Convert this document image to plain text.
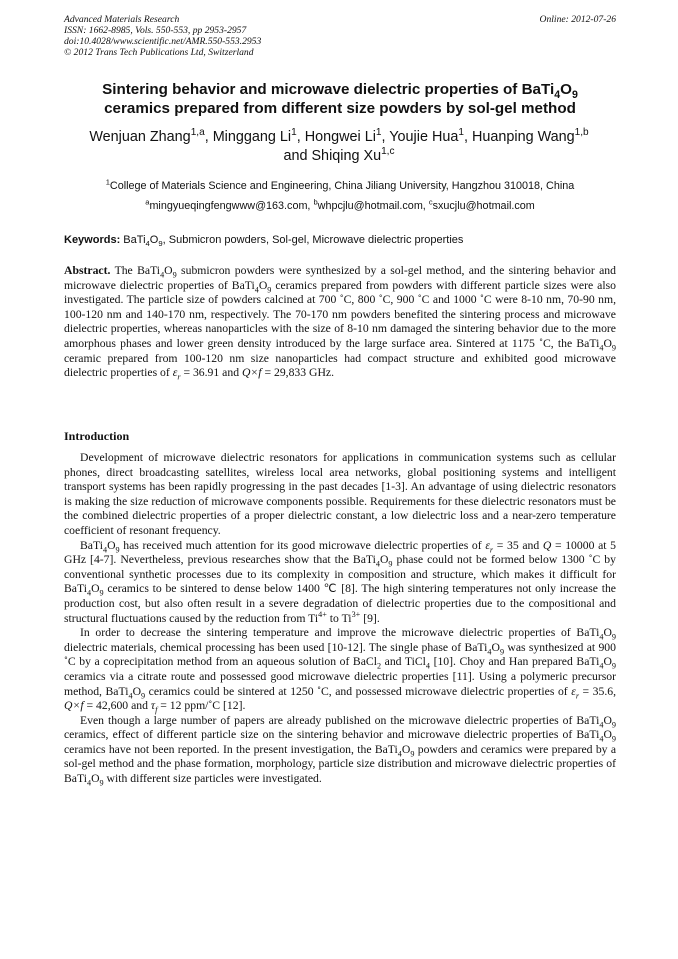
Advanced Materials Research
ISSN: 1662-8985, Vols. 550-553, pp 2953-2957
doi:10.4028/www.scientific.net/AMR.550-553.2953
© 2012 Trans Tech Publications Ltd, Switzerland
Online: 2012-07-26
Sintering behavior and microwave dielectric properties of $BaTi_4O_9$
ceramics prepared from different size powders by sol-gel method
Wenjuan Zhang$^{1,a}$, Minggang Li$^1$, Hongwei Li$^1$, Youjie Hua$^1$, Huanping Wang$^{1,b}$
and Shiqing Xu$^{1,c}$
$^1$College of Materials Science and Engineering, China Jiliang University, Hangzhou 310018, China
$^a$mingyueqingfengwww@163.com, $^b$whpcjlu@hotmail.com, $^c$sxucjlu@hotmail.com
Keywords: $BaTi_4O_9$, Submicron powders, Sol-gel, Microwave dielectric properties
Abstract. The $BaTi_4O_9$ submicron powders were synthesized by a sol-gel method, and the sintering behavior and microwave dielectric properties of $BaTi_4O_9$ ceramics prepared from powders with different particle sizes were also investigated. The particle size of powders calcined at 700 ˚C, 800 ˚C, 900 ˚C and 1000 ˚C were 8-10 nm, 70-90 nm, 100-120 nm and 140-170 nm, respectively. The 70-170 nm powders benefited the sintering process and microwave dielectric properties, whereas nanoparticles with the size of 8-10 nm damaged the sintering behavior due to the more amorphous phases and lower green density introduced by the large surface area. Sintered at 1175 ˚C, the $BaTi_4O_9$ ceramic prepared from 100-120 nm size nanoparticles had compact structure and exhibited good microwave dielectric properties of $\varepsilon_r = 36.91$ and Q×f = 29,833 GHz.
Introduction

Development of microwave dielectric resonators for applications in communication systems such as cellular phones, direct broadcasting satellites, wireless local area networks, global positioning systems and intelligent transport systems has been rapidly progressing in the past decades [1-3]. An advantage of using dielectric resonators is making the size reduction of microwave components possible. Requirements for these dielectric resonators must be the combined dielectric properties of a proper dielectric constant, a low dielectric loss and a near-zero temperature coefficient of resonant frequency.

$BaTi_4O_9$ has received much attention for its good microwave dielectric properties of $\varepsilon_r = 35$ and Q = 10000 at 5 GHz [4-7]. Nevertheless, previous researches show that the $BaTi_4O_9$ phase could not be formed below 1300 ˚C by conventional synthetic processes due to its complexity in composition and structure, which makes it difficult for $BaTi_4O_9$ ceramics to be sintered to dense below 1400 ℃ [8]. The high sintering temperatures not only increase the production cost, but also often result in a severe degradation of dielectric properties due to the compositional and structural fluctuations caused by the reduction from $Ti^{4+}$ to $Ti^{3+}$ [9].

In order to decrease the sintering temperature and improve the microwave dielectric properties of $BaTi_4O_9$ dielectric materials, chemical processing has been used [10-12]. The single phase of $BaTi_4O_9$ was synthesized at 900 ˚C by a coprecipitation method from an aqueous solution of BaCl$_2$ and TiCl$_4$ [10]. Choy and Han prepared $BaTi_4O_9$ ceramics via a citrate route and possessed good microwave dielectric properties [11]. Using a polymeric precursor method, $BaTi_4O_9$ ceramics could be sintered at 1250 ˚C, and possessed microwave dielectric properties of $\varepsilon_r = 35.6$, Q×f = 42,600 and $\tau_f = 12$ ppm/˚C [12].

Even though a large number of papers are already published on the microwave dielectric properties of $BaTi_4O_9$ ceramics, effect of different particle size on the sintering behavior and microwave dielectric properties of $BaTi_4O_9$ ceramics have not been reported. In the present investigation, the $BaTi_4O_9$ powders and ceramics were prepared by a sol-gel method and the phase formation, morphology, particle size distribution and microwave dielectric properties of $BaTi_4O_9$ with different size particles were investigated.
